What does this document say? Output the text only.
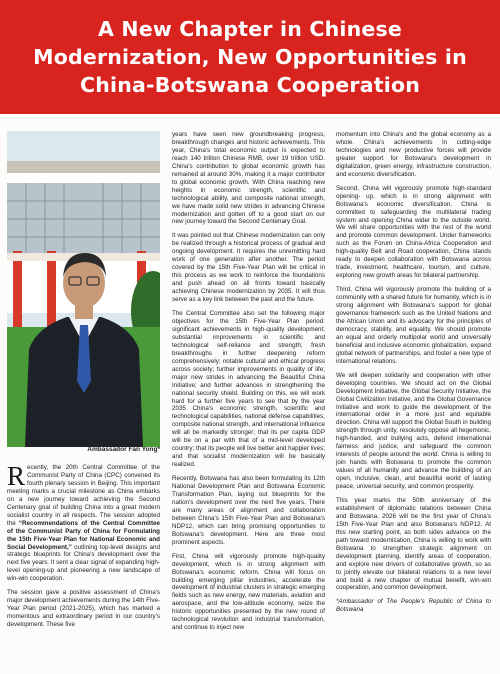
A New Chapter in Chinese Modernization, New Opportunities in China-Botswana Cooperation
Ambassador Fan Yong*

Recently, the 20th Central Committee of the Communist Party of China (CPC) convened its fourth plenary session in Beijing. This important meeting marks a crucial milestone as China embarks on a new journey toward achieving the Second Centenary goal of building China into a great modern socialist country in all respects. The session adopted the “Recommendations of the Central Committee of the Communist Party of China for Formulating the 15th Five-Year Plan for National Economic and Social Development,” outlining top-level designs and strategic blueprints for China's development over the next five years. It sent a clear signal of expanding high-level opening-up and pioneering a new landscape of win-win cooperation.

The session gave a positive assessment of China's major development achievements during the 14th Five-Year Plan period (2021-2025), which has marked a momentous and extraordinary period in our country's development. These five

years have seen new groundbreaking progress, breakthrough changes and historic achievements. This year, China's total economic output is expected to reach 140 trillion Chinese RMB, over 19 trillion USD. China's contribution to global economic growth has remained at around 30%, making it a major contributor to global economic growth. With China reaching new heights in economic strength, scientific and technological ability, and composite national strength, we have made solid new strides in advancing Chinese modernization and gotten off to a good start on our new journey toward the Second Centenary Goal.

It was pointed out that Chinese modernization can only be realized through a historical process of gradual and ongoing development. It requires the unremitting hard work of one generation after another. The period covered by the 15th Five-Year Plan will be critical in this process as we work to reinforce the foundations and push ahead on all fronts toward basically achieving Chinese modernization by 2035. It will thus serve as a key link between the past and the future.

The Central Committee also set the following major objectives for the 15th Five-Year Plan period: significant achievements in high-quality development; substantial improvements in scientific and technological self-reliance and strength; fresh breakthroughs in further deepening reform comprehensively; notable cultural and ethical progress across society; further improvements in quality of life; major new strides in advancing the Beautiful China Initiative; and further advances in strengthening the national security shield. Building on this, we will work hard for a further five years to see that by the year 2035 China's economic strength, scientific and technological capabilities, national defense capabilities, composite national strength, and international influence will all be markedly stronger; that its per capita GDP will be on a par with that of a mid-level developed country; that its people will live better and happier lives; and that socialist modernization will be basically realized.

Recently, Botswana has also been formulating its 12th National Development Plan and Botswana Economic Transformation Plan, laying out blueprints for the nation's development over the next five years. There are many areas of alignment and collaboration between China's 15th Five-Year Plan and Botswana's NDP12, which can bring promising opportunities to Botswana's development. Here are three most prominent aspects.

First, China will vigorously promote high-quality development, which is in strong alignment with Botswana's economic reform. China will focus on building emerging pillar industries, accelerate the development of industrial clusters in strategic emerging fields such as new energy, new materials, aviation and aerospace, and the low-altitude economy, seize the historic opportunities presented by the new round of technological revolution and industrial transformation, and continue to inject new

momentum into China's and the global economy as a whole. China's achievements in cutting-edge technologies and new productive forces will provide greater support for Botswana's development in digitalization, green energy, infrastructure construction, and economic diversification.

Second, China will vigorously promote high-standard opening- up, which is in strong alignment with Botswana's economic diversification. China is committed to safeguarding the multilateral trading system and opening China wider to the outside world. We will share opportunities with the rest of the world and promote common development. Under frameworks such as the Forum on China-Africa Cooperation and high-quality Belt and Road cooperation, China stands ready to deepen collaboration with Botswana across trade, investment, healthcare, tourism, and culture, exploring new growth areas for bilateral partnership.

Third, China will vigorously promote the building of a community with a shared future for humanity, which is in strong alignment with Botswana's support for global governance framework such as the United Nations and the African Union and its advocacy for the principles of democracy, stability, and equality. We should promote an equal and orderly multipolar world and universally beneficial and inclusive economic globalization, expand global network of partnerships, and foster a new type of international relations.

We will deepen solidarity and cooperation with other developing countries. We should act on the Global Development Initiative, the Global Security Initiative, the Global Civilization Initiative, and the Global Governance Initiative and work to guide the development of the international order in a more just and equitable direction. China will support the Global South in building strength through unity, resolutely oppose all hegemonic, high-handed, and bullying acts, defend international fairness and justice, and safeguard the common interests of people around the world. China is willing to join hands with Botswana to promote the common values of all humanity and advance the building of an open, inclusive, clean, and beautiful world of lasting peace, universal security, and common prosperity.

This year marks the 50th anniversary of the establishment of diplomatic relations between China and Botswana. 2026 will be the first year of China's 15th Five-Year Plan and also Botswana's NDP12. At this new starting point, as both sides advance on the path toward modernization, China is willing to work with Botswana to strengthen strategic alignment on development planning, identify areas of cooperation, and explore new drivers of collaborative growth, so as to jointly elevate our bilateral relations to a new level and build a new chapter of mutual benefit, win-win cooperation, and common development.

*Ambassador of The People's Republic of China to Botswana
